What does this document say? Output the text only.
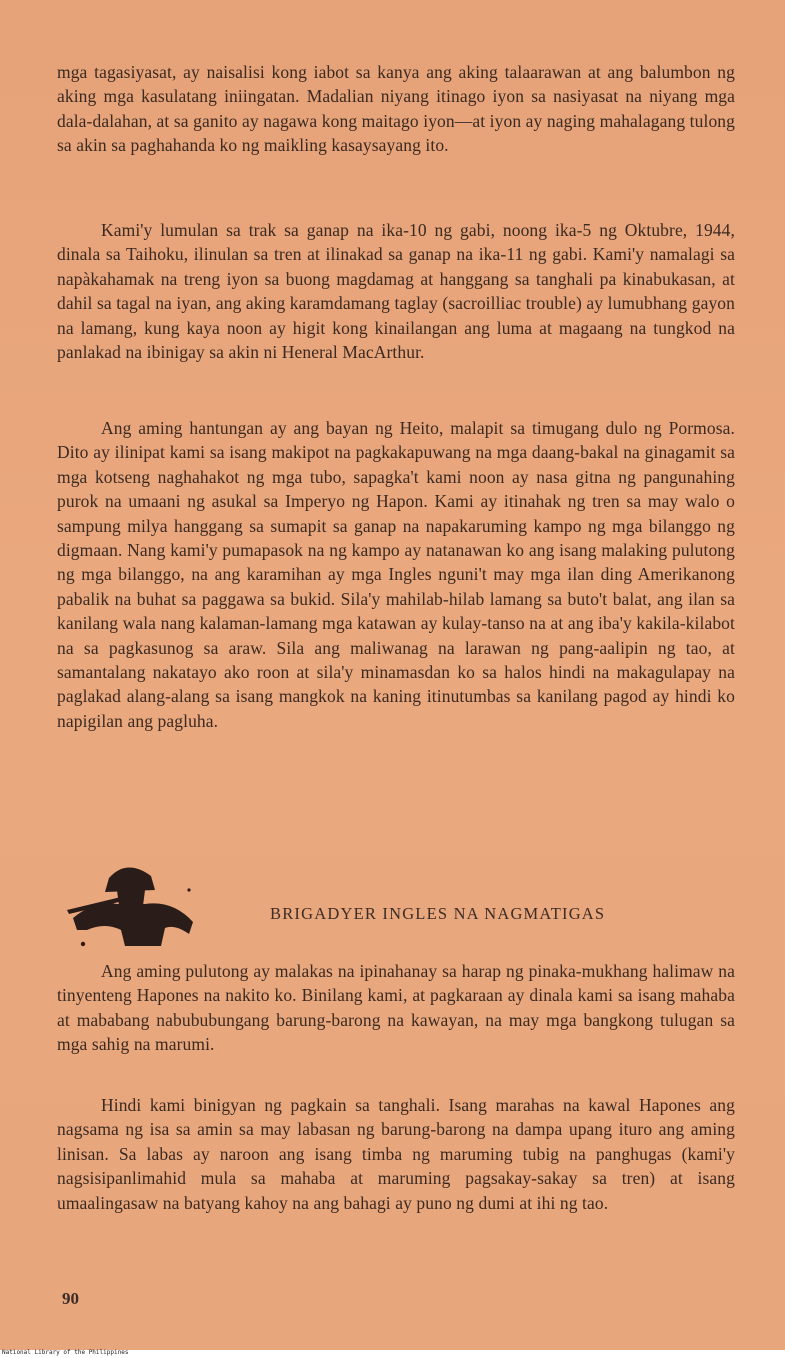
mga tagasiyasat, ay naisalisi kong iabot sa kanya ang aking talaarawan at ang balumbon ng aking mga kasulatang iniingatan. Madalian niyang itinago iyon sa nasiyasat na niyang mga dala-dalahan, at sa ganito ay nagawa kong maitago iyon—at iyon ay naging mahalagang tulong sa akin sa paghahanda ko ng maikling kasaysayang ito.

Kami'y lumulan sa trak sa ganap na ika-10 ng gabi, noong ika-5 ng Oktubre, 1944, dinala sa Taihoku, ilinulan sa tren at ilinakad sa ganap na ika-11 ng gabi. Kami'y namalagi sa napàkahamak na treng iyon sa buong magdamag at hanggang sa tanghali pa kinabukasan, at dahil sa tagal na iyan, ang aking karamdamang taglay (sacroilliac trouble) ay lumubhang gayon na lamang, kung kaya noon ay higit kong kinailangan ang luma at magaang na tungkod na panlakad na ibinigay sa akin ni Heneral MacArthur.

Ang aming hantungan ay ang bayan ng Heito, malapit sa timugang dulo ng Pormosa. Dito ay ilinipat kami sa isang makipot na pagkakapuwang na mga daang-bakal na ginagamit sa mga kotseng naghahakot ng mga tubo, sapagka't kami noon ay nasa gitna ng pangunahing purok na umaani ng asukal sa Imperyo ng Hapon. Kami ay itinahak ng tren sa may walo o sampung milya hanggang sa sumapit sa ganap na napakaruming kampo ng mga bilanggo ng digmaan. Nang kami'y pumapasok na ng kampo ay natanawan ko ang isang malaking pulutong ng mga bilanggo, na ang karamihan ay mga Ingles nguni't may mga ilan ding Amerikanong pabalik na buhat sa paggawa sa bukid. Sila'y mahilab-hilab lamang sa buto't balat, ang ilan sa kanilang wala nang kalaman-lamang mga katawan ay kulay-tanso na at ang iba'y kakila-kilabot na sa pagkasunog sa araw. Sila ang maliwanag na larawan ng pang-aalipin ng tao, at samantalang nakatayo ako roon at sila'y minamasdan ko sa halos hindi na makagulapay na paglakad alang-alang sa isang mangkok na kaning itinutumbas sa kanilang pagod ay hindi ko napigilan ang pagluha.

BRIGADYER INGLES NA NAGMATIGAS

Ang aming pulutong ay malakas na ipinahanay sa harap ng pinaka-mukhang halimaw na tinyenteng Hapones na nakito ko. Binilang kami, at pagkaraan ay dinala kami sa isang mahaba at mababang nabububungang barung-barong na kawayan, na may mga bangkong tulugan sa mga sahig na marumi.

Hindi kami binigyan ng pagkain sa tanghali. Isang marahas na kawal Hapones ang nagsama ng isa sa amin sa may labasan ng barung-barong na dampa upang ituro ang aming linisan. Sa labas ay naroon ang isang timba ng maruming tubig na panghugas (kami'y nagsisipanlimahid mula sa mahaba at maruming pagsakay-sakay sa tren) at isang umaalingasaw na batyang kahoy na ang bahagi ay puno ng dumi at ihi ng tao.

90
National Library of the Philippines
